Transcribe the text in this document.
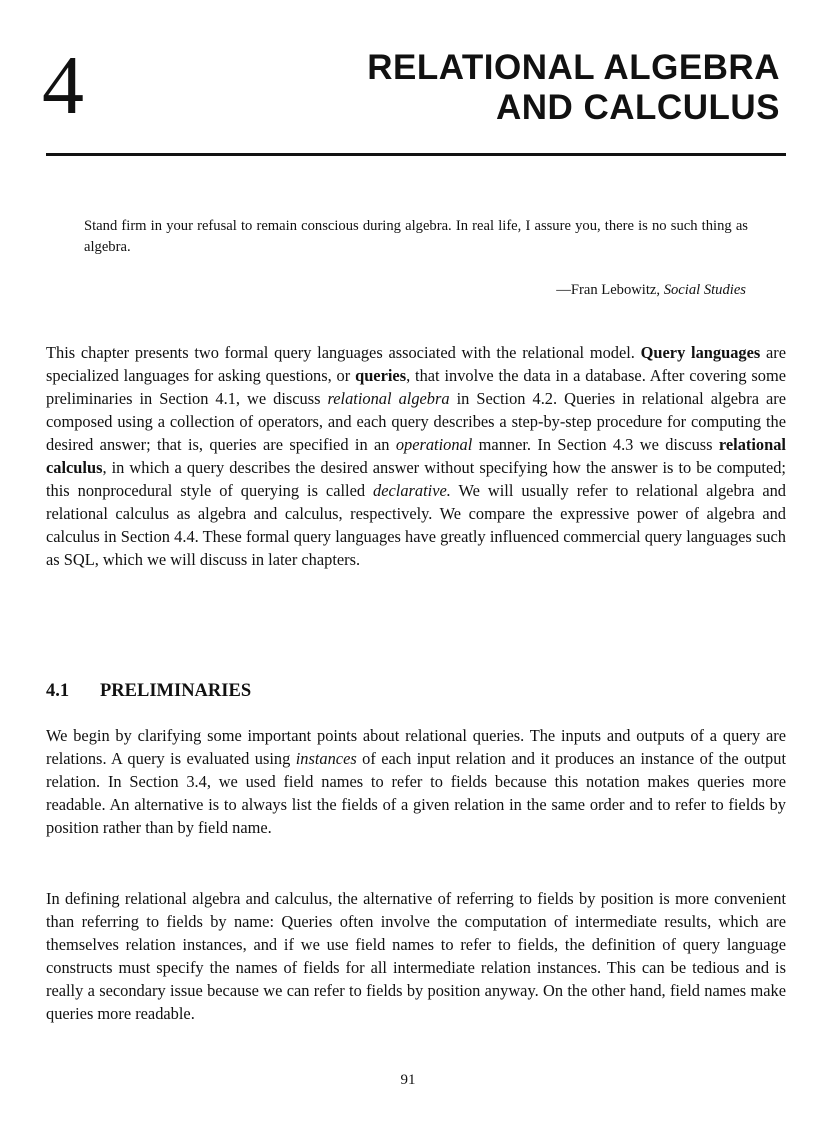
4	RELATIONAL ALGEBRA
AND CALCULUS
Stand firm in your refusal to remain conscious during algebra. In real life, I assure you, there is no such thing as algebra.
—Fran Lebowitz, Social Studies
This chapter presents two formal query languages associated with the relational model. Query languages are specialized languages for asking questions, or queries, that involve the data in a database. After covering some preliminaries in Section 4.1, we discuss relational algebra in Section 4.2. Queries in relational algebra are composed using a collection of operators, and each query describes a step-by-step procedure for computing the desired answer; that is, queries are specified in an operational manner. In Section 4.3 we discuss relational calculus, in which a query describes the desired answer without specifying how the answer is to be computed; this nonprocedural style of querying is called declarative. We will usually refer to relational algebra and relational calculus as algebra and calculus, respectively. We compare the expressive power of algebra and calculus in Section 4.4. These formal query languages have greatly influenced commercial query languages such as SQL, which we will discuss in later chapters.
4.1 PRELIMINARIES
We begin by clarifying some important points about relational queries. The inputs and outputs of a query are relations. A query is evaluated using instances of each input relation and it produces an instance of the output relation. In Section 3.4, we used field names to refer to fields because this notation makes queries more readable. An alternative is to always list the fields of a given relation in the same order and to refer to fields by position rather than by field name.
In defining relational algebra and calculus, the alternative of referring to fields by position is more convenient than referring to fields by name: Queries often involve the computation of intermediate results, which are themselves relation instances, and if we use field names to refer to fields, the definition of query language constructs must specify the names of fields for all intermediate relation instances. This can be tedious and is really a secondary issue because we can refer to fields by position anyway. On the other hand, field names make queries more readable.
91
